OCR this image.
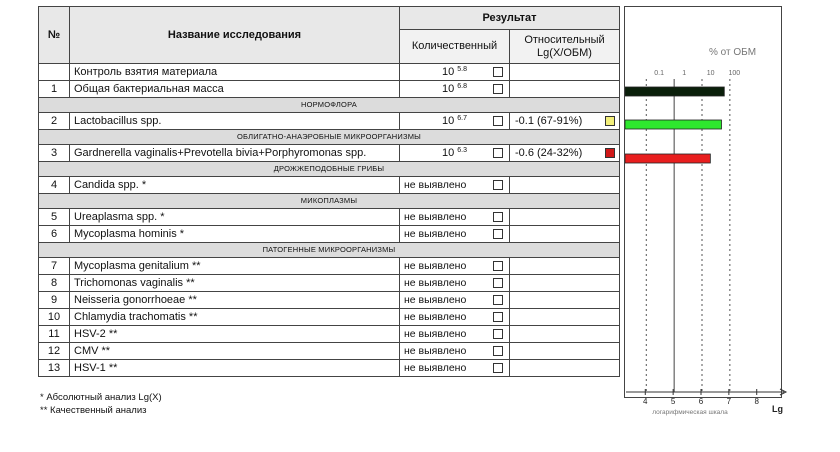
№	Название исследования	Результат	
		Количественный	Относительный Lg(X/ОБМ)
	Контроль взятия материала	10 $^{5.8}$

1	Общая бактериальная масса	10 $^{6.8}$

НОРМОФЛОРА			
2	Lactobacillus spp.	10 $^{6.7}$	-0.1 (67-91%)

ОБЛИГАТНО-АНАЭРОБНЫЕ МИКРООРГАНИЗМЫ			
3	Gardnerella vaginalis+Prevotella bivia+Porphyromonas spp.	10 $^{6.3}$	-0.6 (24-32%)

ДРОЖЖЕПОДОБНЫЕ ГРИБЫ			
4	Candida spp. *	не выявлено	

МИКОПЛАЗМЫ			
5	Ureaplasma spp. *	не выявлено	

6	Mycoplasma hominis *	не выявлено	

ПАТОГЕННЫЕ МИКРООРГАНИЗМЫ			
7	Mycoplasma genitalium **	не выявлено	

8	Trichomonas vaginalis **	не выявлено	

9	Neisseria gonorrhoeae **	не выявлено	

10	Chlamydia trachomatis **	не выявлено	

11	HSV-2 **	не выявлено	

12	CMV **	не выявлено	

13	HSV-1 **	не выявлено	

% от ОБМ
0.1	1	10 100
* Абсолютный анализ Lg(X)
** Качественный анализ
4	5	6	7	8
логарифмическая шкала	Lg
